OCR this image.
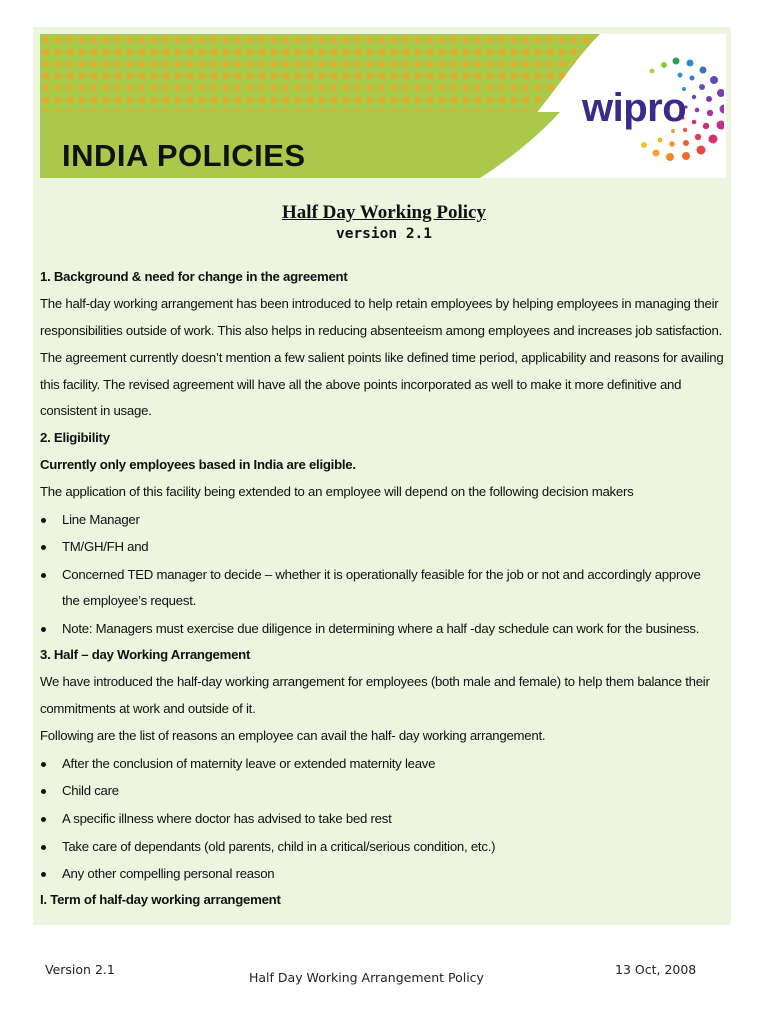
INDIA POLICIES
wipro
Half Day Working Policy
version 2.1
1. Background & need for change in the agreement
The half-day working arrangement has been introduced to help retain employees by helping employees in managing their
responsibilities outside of work. This also helps in reducing absenteeism among employees and increases job satisfaction.
The agreement currently doesn’t mention a few salient points like defined time period, applicability and reasons for availing
this facility. The revised agreement will have all the above points incorporated as well to make it more definitive and
consistent in usage.
2. Eligibility
Currently only employees based in India are eligible.
The application of this facility being extended to an employee will depend on the following decision makers
Line Manager
TM/GH/FH and
Concerned TED manager to decide – whether it is operationally feasible for the job or not and accordingly approve
the employee’s request.
Note: Managers must exercise due diligence in determining where a half -day schedule can work for the business.
3. Half – day Working Arrangement
We have introduced the half-day working arrangement for employees (both male and female) to help them balance their
commitments at work and outside of it.
Following are the list of reasons an employee can avail the half- day working arrangement.
After the conclusion of maternity leave or extended maternity leave
Child care
A specific illness where doctor has advised to take bed rest
Take care of dependants (old parents, child in a critical/serious condition, etc.)
Any other compelling personal reason
I. Term of half-day working arrangement
Version 2.1
Half Day Working Arrangement Policy
13 Oct, 2008
